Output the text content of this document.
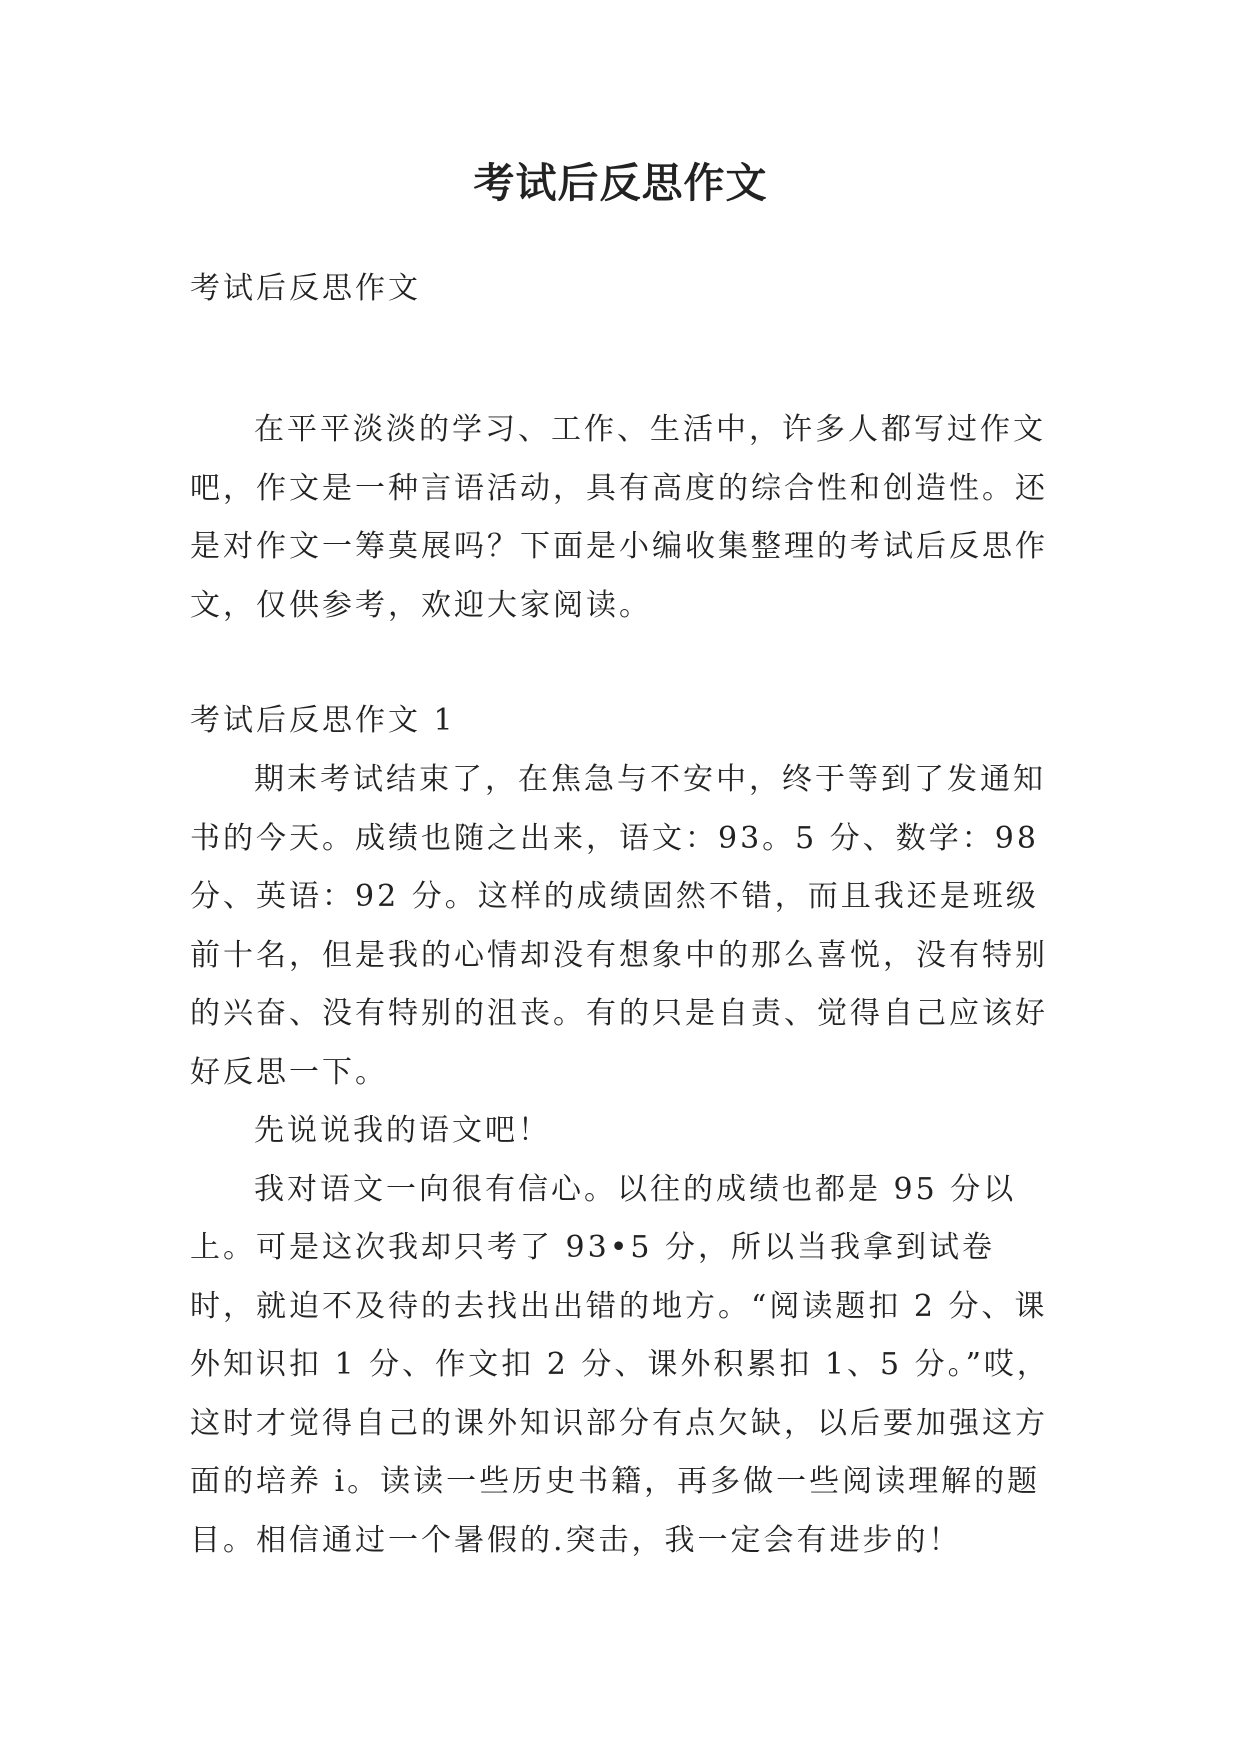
考试后反思作文
考试后反思作文

在平平淡淡的学习、工作、生活中，许多人都写过作文吧，作文是一种言语活动，具有高度的综合性和创造性。还是对作文一筹莫展吗？下面是小编收集整理的考试后反思作文，仅供参考，欢迎大家阅读。

考试后反思作文 1

期末考试结束了，在焦急与不安中，终于等到了发通知书的今天。成绩也随之出来，语文：93。5 分、数学：98 分、英语：92 分。这样的成绩固然不错，而且我还是班级前十名，但是我的心情却没有想象中的那么喜悦，没有特别的兴奋、没有特别的沮丧。有的只是自责、觉得自己应该好好反思一下。

先说说我的语文吧！

我对语文一向很有信心。以往的成绩也都是 95 分以上。可是这次我却只考了 93•5 分，所以当我拿到试卷时，就迫不及待的去找出出错的地方。“阅读题扣 2 分、课外知识扣 1 分、作文扣 2 分、课外积累扣 1、5 分。”哎，这时才觉得自己的课外知识部分有点欠缺，以后要加强这方面的培养 i。读读一些历史书籍，再多做一些阅读理解的题目。相信通过一个暑假的.突击，我一定会有进步的！
